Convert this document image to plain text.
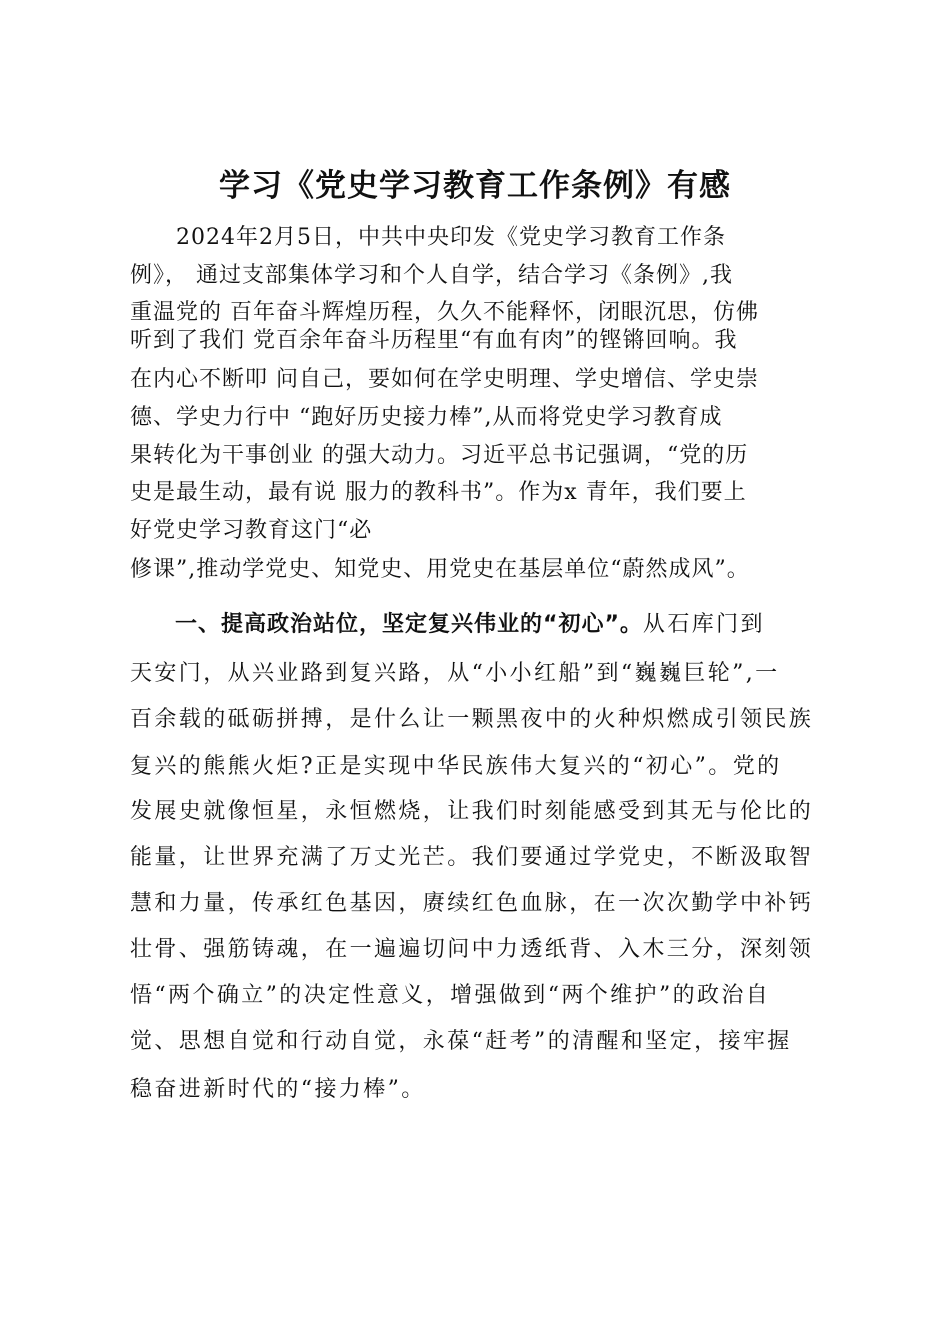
学习《党史学习教育工作条例》有感
　　2024年2月5日，中共中央印发《党史学习教育工作条
例》， 通过支部集体学习和个人自学，结合学习《条例》,我
重温党的 百年奋斗辉煌历程，久久不能释怀，闭眼沉思，仿佛
听到了我们 党百余年奋斗历程里“有血有肉”的铿锵回响。我
在内心不断叩 问自己，要如何在学史明理、学史增信、学史崇
德、学史力行中 “跑好历史接力棒”,从而将党史学习教育成
果转化为干事创业 的强大动力。习近平总书记强调，“党的历
史是最生动，最有说 服力的教科书”。作为x 青年，我们要上
好党史学习教育这门“必
修课”,推动学党史、知党史、用党史在基层单位“蔚然成风”。
一、提高政治站位，坚定复兴伟业的“初心”。从石库门到
天安门，从兴业路到复兴路，从“小小红船”到“巍巍巨轮”,一
百余载的砥砺拼搏，是什么让一颗黑夜中的火种炽燃成引领民族
复兴的熊熊火炬?正是实现中华民族伟大复兴的“初心”。党的
发展史就像恒星，永恒燃烧，让我们时刻能感受到其无与伦比的
能量，让世界充满了万丈光芒。我们要通过学党史，不断汲取智
慧和力量，传承红色基因，赓续红色血脉，在一次次勤学中补钙
壮骨、强筋铸魂，在一遍遍切问中力透纸背、入木三分，深刻领
悟“两个确立”的决定性意义，增强做到“两个维护”的政治自
觉、思想自觉和行动自觉，永葆“赶考”的清醒和坚定，接牢握
稳奋进新时代的“接力棒”。
